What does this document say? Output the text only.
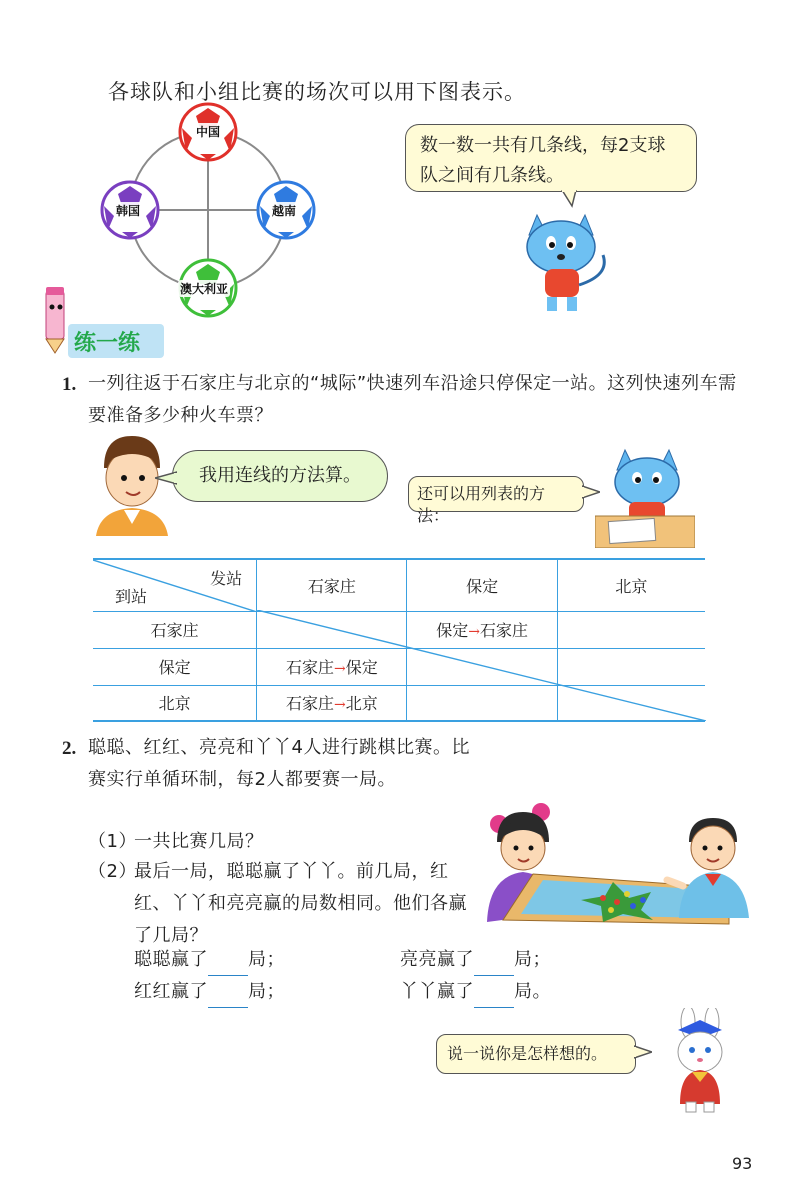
各球队和小组比赛的场次可以用下图表示。
中国
韩国	越南
澳大利亚
数一数一共有几条线，每2支球队之间有几条线。
练一练
1. 一列往返于石家庄与北京的“城际”快速列车沿途只停保定一站。这列快速列车需要准备多少种火车票？
我用连线的方法算。
还可以用列表的方法：
发站
到站	石家庄	保定	北京
石家庄		保定→石家庄	
保定	石家庄→保定		
北京	石家庄→北京		
2. 聪聪、红红、亮亮和丫丫4人进行跳棋比赛。比赛实行单循环制，每2人都要赛一局。
（1）
一共比赛几局？
（2）
最后一局，聪聪赢了丫丫。前几局，红红、丫丫和亮亮赢的局数相同。他们各赢了几局？
聪聪赢了 局；	亮亮赢了 局；
红红赢了 局；	丫丫赢了 局。
说一说你是怎样想的。
93
